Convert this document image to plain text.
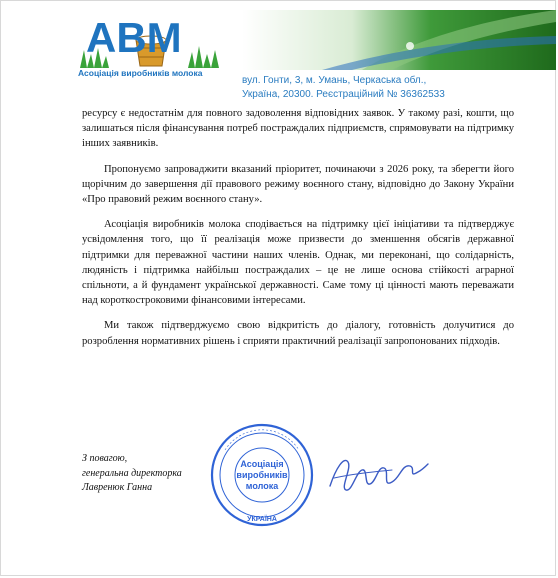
АВМ
Асоціація виробників молока
вул. Гонти, 3, м. Умань, Черкаська обл.,
Україна, 20300. Реєстраційний № 36362533

ресурсу є недостатнім для повного задоволення відповідних заявок. У такому разі, кошти, що залишаться після фінансування потреб постраждалих підприємств, спрямовувати на підтримку інших заявників.

Пропонуємо запроваджити вказаний пріоритет, починаючи з 2026 року, та зберегти його щорічним до завершення дії правового режиму воєнного стану, відповідно до Закону України «Про правовий режим воєнного стану».

Асоціація виробників молока сподівається на підтримку цієї ініціативи та підтверджує усвідомлення того, що її реалізація може призвести до зменшення обсягів державної підтримки для переважної частини наших членів. Однак, ми переконані, що солідарність, людяність і підтримка найбільш постраждалих – це не лише основа стійкості аграрної спільноти, а й фундамент української державності. Саме тому ці цінності мають переважати над короткостроковими фінансовими інтересами.

Ми також підтверджуємо свою відкритість до діалогу, готовність долучитися до розроблення нормативних рішень і сприяти практичний реалізації запропонованих підходів.

З повагою,
генеральна директорка
Лавренюк Ганна
Асоціація
виробників
молока
УКРАЇНА
